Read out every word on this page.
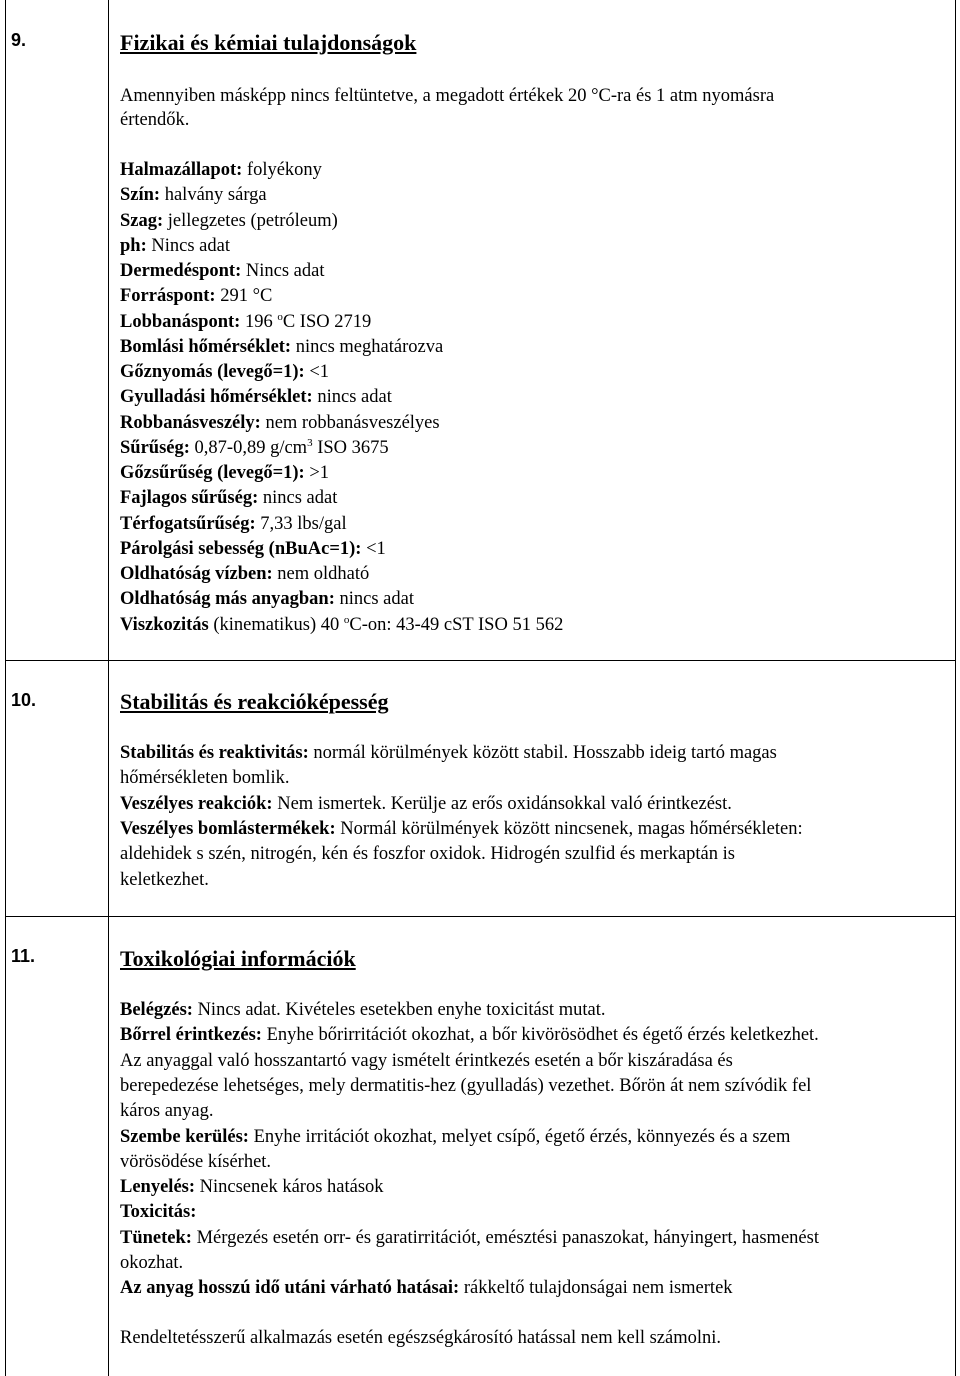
9.	Fizikai és kémiai tulajdonságok
Amennyiben másképp nincs feltüntetve, a megadott értékek 20 °C-ra és 1 atm nyomásra
értendők.
Halmazállapot: folyékony
Szín: halvány sárga
Szag: jellegzetes (petróleum)
ph: Nincs adat
Dermedéspont: Nincs adat
Forráspont: 291 °C
Lobbanáspont: 196 $^o$C ISO 2719
Bomlási hőmérséklet: nincs meghatározva
Gőznyomás (levegő=1): <1
Gyulladási hőmérséklet: nincs adat
Robbanásveszély: nem robbanásveszélyes
Sűrűség: 0,87-0,89 $g/cm^3$ ISO 3675
Gőzsűrűség (levegő=1): >1
Fajlagos sűrűség: nincs adat
Térfogatsűrűség: 7,33 lbs/gal
Párolgási sebesség (nBuAc=1): <1
Oldhatóság vízben: nem oldható
Oldhatóság más anyagban: nincs adat
Viszkozitás (kinematikus) 40 $^o$C-on: 43-49 cST ISO 51 562
10.	Stabilitás és reakcióképesség
Stabilitás és reaktivitás: normál körülmények között stabil. Hosszabb ideig tartó magas
hőmérsékleten bomlik.
Veszélyes reakciók: Nem ismertek. Kerülje az erős oxidánsokkal való érintkezést.
Veszélyes bomlástermékek: Normál körülmények között nincsenek, magas hőmérsékleten:
aldehidek s szén, nitrogén, kén és foszfor oxidok. Hidrogén szulfid és merkaptán is
keletkezhet.
11.	Toxikológiai információk
Belégzés: Nincs adat. Kivételes esetekben enyhe toxicitást mutat.
Bőrrel érintkezés: Enyhe bőrirritációt okozhat, a bőr kivörösödhet és égető érzés keletkezhet.
Az anyaggal való hosszantartó vagy ismételt érintkezés esetén a bőr kiszáradása és
berepedezése lehetséges, mely dermatitis-hez (gyulladás) vezethet. Bőrön át nem szívódik fel
káros anyag.
Szembe kerülés: Enyhe irritációt okozhat, melyet csípő, égető érzés, könnyezés és a szem
vörösödése kísérhet.
Lenyelés: Nincsenek káros hatások
Toxicitás:
Tünetek: Mérgezés esetén orr- és garatirritációt, emésztési panaszokat, hányingert, hasmenést
okozhat.
Az anyag hosszú idő utáni várható hatásai: rákkeltő tulajdonságai nem ismertek
Rendeltetésszerű alkalmazás esetén egészségkárosító hatással nem kell számolni.
